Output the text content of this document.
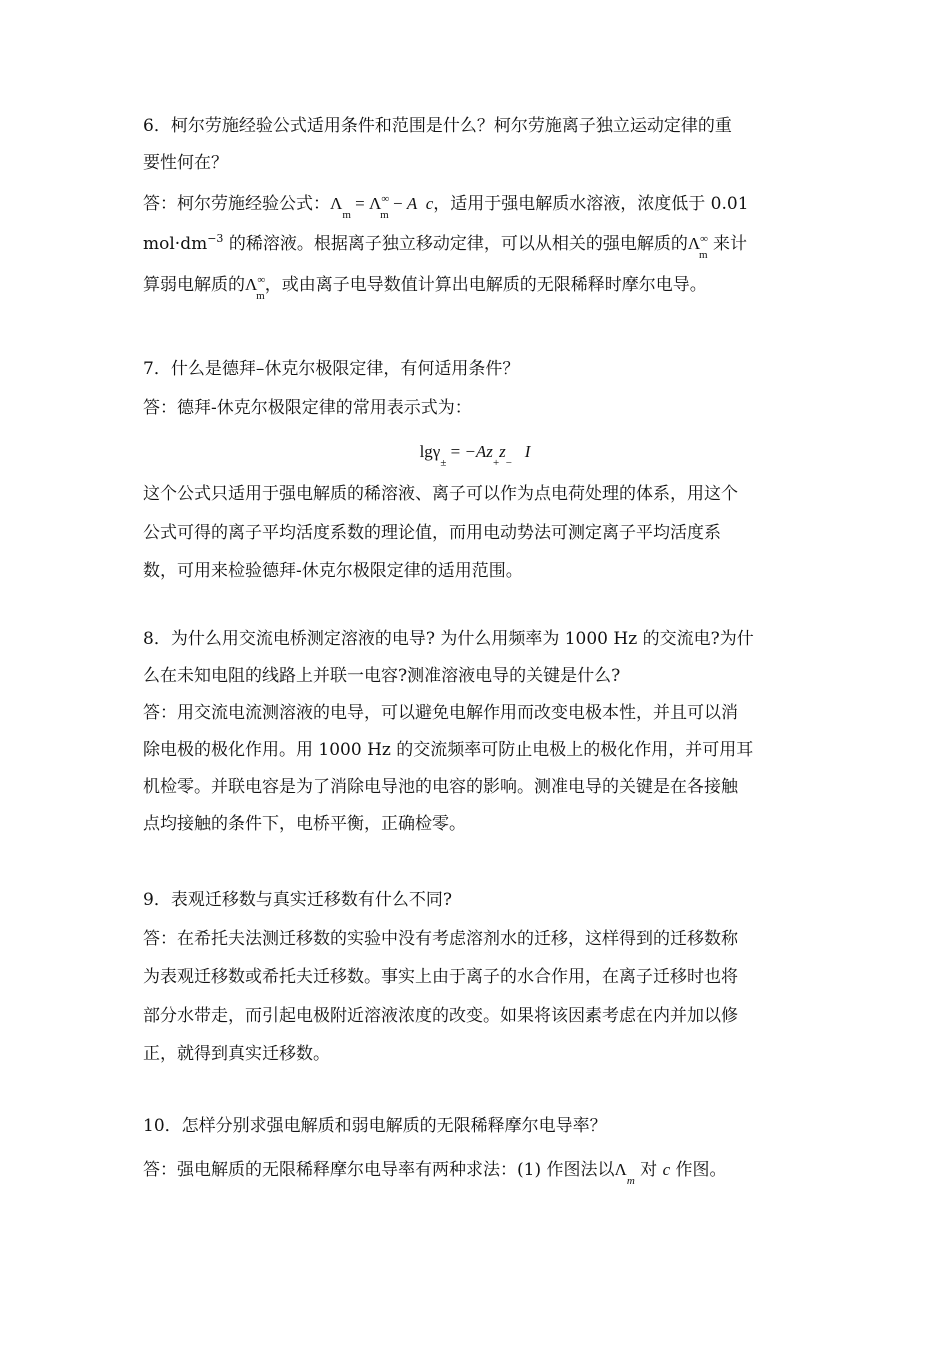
6．柯尔劳施经验公式适用条件和范围是什么？柯尔劳施离子独立运动定律的重
要性何在？
答：柯尔劳施经验公式：$\Lambda_m = \Lambda^\infty_m - A$ c，适用于强电解质水溶液，浓度低于 0.01
$mol\cdot dm^{-3}$ 的稀溶液。根据离子独立移动定律，可以从相关的强电解质的$\Lambda^\infty_m$ 来计
算弱电解质的$\Lambda^\infty_m$，或由离子电导数值计算出电解质的无限稀释时摩尔电导。
7．什么是德拜–休克尔极限定律，有何适用条件？
答：德拜-休克尔极限定律的常用表示式为：
$\lg\gamma_\pm = -Az_+z_-$   I
这个公式只适用于强电解质的稀溶液、离子可以作为点电荷处理的体系，用这个
公式可得的离子平均活度系数的理论值，而用电动势法可测定离子平均活度系
数，可用来检验德拜-休克尔极限定律的适用范围。
8．为什么用交流电桥测定溶液的电导? 为什么用频率为 1000 Hz 的交流电?为什
么在未知电阻的线路上并联一电容?测准溶液电导的关键是什么?
答：用交流电流测溶液的电导，可以避免电解作用而改变电极本性，并且可以消
除电极的极化作用。用 1000 Hz 的交流频率可防止电极上的极化作用，并可用耳
机检零。并联电容是为了消除电导池的电容的影响。测准电导的关键是在各接触
点均接触的条件下，电桥平衡，正确检零。
9．表观迁移数与真实迁移数有什么不同?
答：在希托夫法测迁移数的实验中没有考虑溶剂水的迁移，这样得到的迁移数称
为表观迁移数或希托夫迁移数。事实上由于离子的水合作用，在离子迁移时也将
部分水带走，而引起电极附近溶液浓度的改变。如果将该因素考虑在内并加以修
正，就得到真实迁移数。
10．怎样分别求强电解质和弱电解质的无限稀释摩尔电导率？
答：强电解质的无限稀释摩尔电导率有两种求法：(1) 作图法以$\Lambda_m$ 对 c 作图。
